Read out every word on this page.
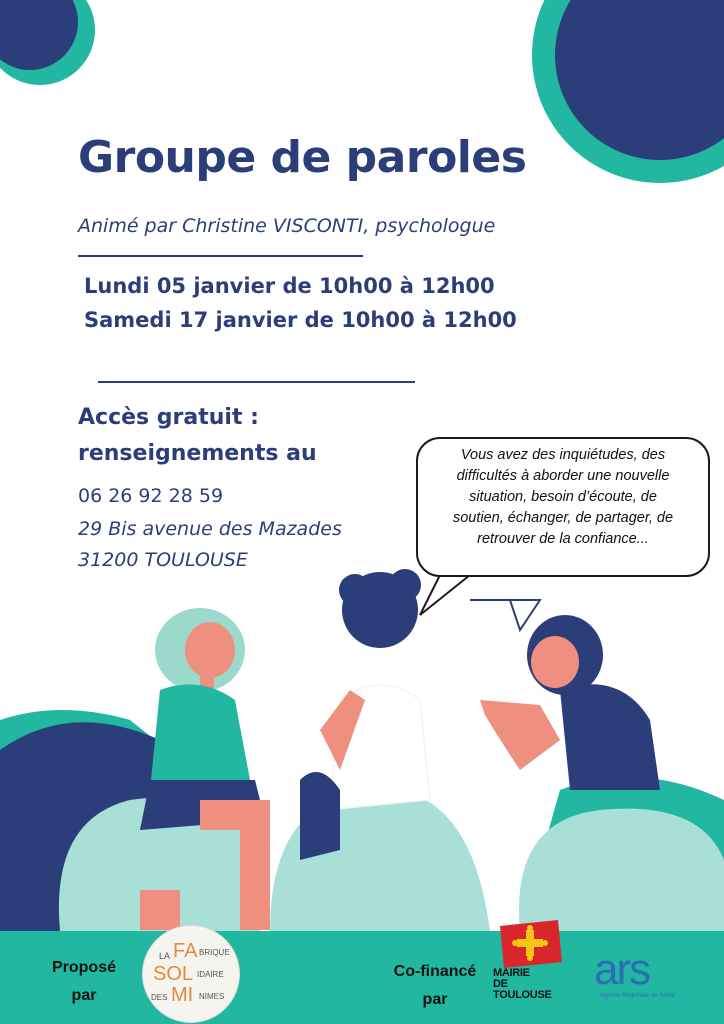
Groupe de paroles
Animé par Christine VISCONTI, psychologue
Lundi 05 janvier de 10h00 à 12h00
Samedi 17 janvier de 10h00 à 12h00
Accès gratuit :
renseignements au
06 26 92 28 59
29 Bis avenue des Mazades
31200 TOULOUSE
Vous avez des inquiétudes, des
difficultés à aborder une nouvelle
situation, besoin d’écoute, de
soutien, échanger, de partager, de
retrouver de la confiance...
Proposé
par
LA FA BRIQUE
SOL IDAIRE
DES MI NIMES
Co-financé
par
MAIRIE
DE
TOULOUSE
ars
Agence Régionale de Santé
